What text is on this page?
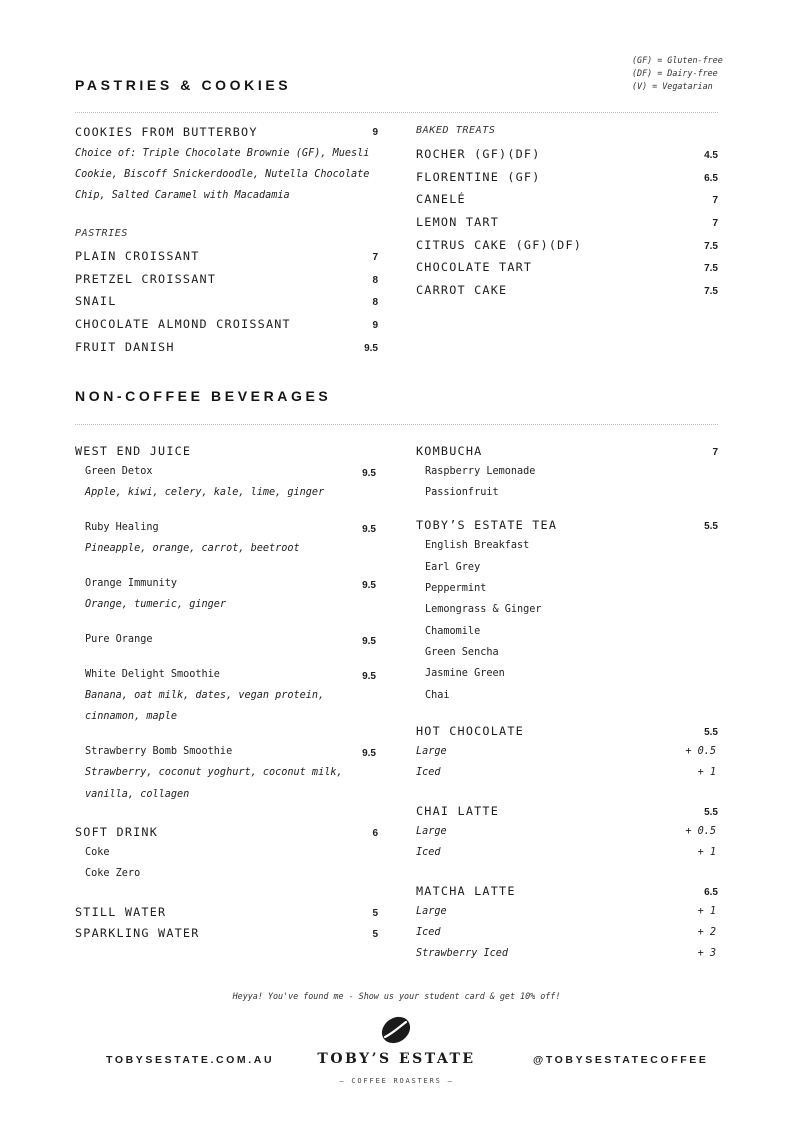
(GF) = Gluten-free
(DF) = Dairy-free
(V) = Vegatarian
PASTRIES & COOKIES
COOKIES FROM BUTTERBOY	9
Choice of: Triple Chocolate Brownie (GF), Muesli
Cookie, Biscoff Snickerdoodle, Nutella Chocolate
Chip, Salted Caramel with Macadamia
PASTRIES
PLAIN CROISSANT	7
PRETZEL CROISSANT	8
SNAIL	8
CHOCOLATE ALMOND CROISSANT	9
FRUIT DANISH	9.5
BAKED TREATS
ROCHER (GF)(DF)	4.5
FLORENTINE (GF)	6.5
CANELÉ	7
LEMON TART	7
CITRUS CAKE (GF)(DF)	7.5
CHOCOLATE TART	7.5
CARROT CAKE	7.5
NON-COFFEE BEVERAGES
WEST END JUICE
Green Detox	9.5
Apple, kiwi, celery, kale, lime, ginger
Ruby Healing	9.5
Pineapple, orange, carrot, beetroot
Orange Immunity	9.5
Orange, tumeric, ginger
Pure Orange	9.5
White Delight Smoothie	9.5
Banana, oat milk, dates, vegan protein,
cinnamon, maple
Strawberry Bomb Smoothie	9.5
Strawberry, coconut yoghurt, coconut milk,
vanilla, collagen
SOFT DRINK	6
Coke
Coke Zero
STILL WATER	5
SPARKLING WATER	5
KOMBUCHA	7
Raspberry Lemonade
Passionfruit
TOBY’S ESTATE TEA	5.5
English Breakfast
Earl Grey
Peppermint
Lemongrass & Ginger
Chamomile
Green Sencha
Jasmine Green
Chai
HOT CHOCOLATE	5.5
Large	+ 0.5
Iced	+ 1
CHAI LATTE	5.5
Large	+ 0.5
Iced	+ 1
MATCHA LATTE	6.5
Large	+ 1
Iced	+ 2
Strawberry Iced	+ 3
Heyya! You've found me - Show us your student card & get 10% off!
TOBYSESTATE.COM.AU	TOBY’S ESTATE
— COFFEE ROASTERS —
@TOBYSESTATECOFFEE
